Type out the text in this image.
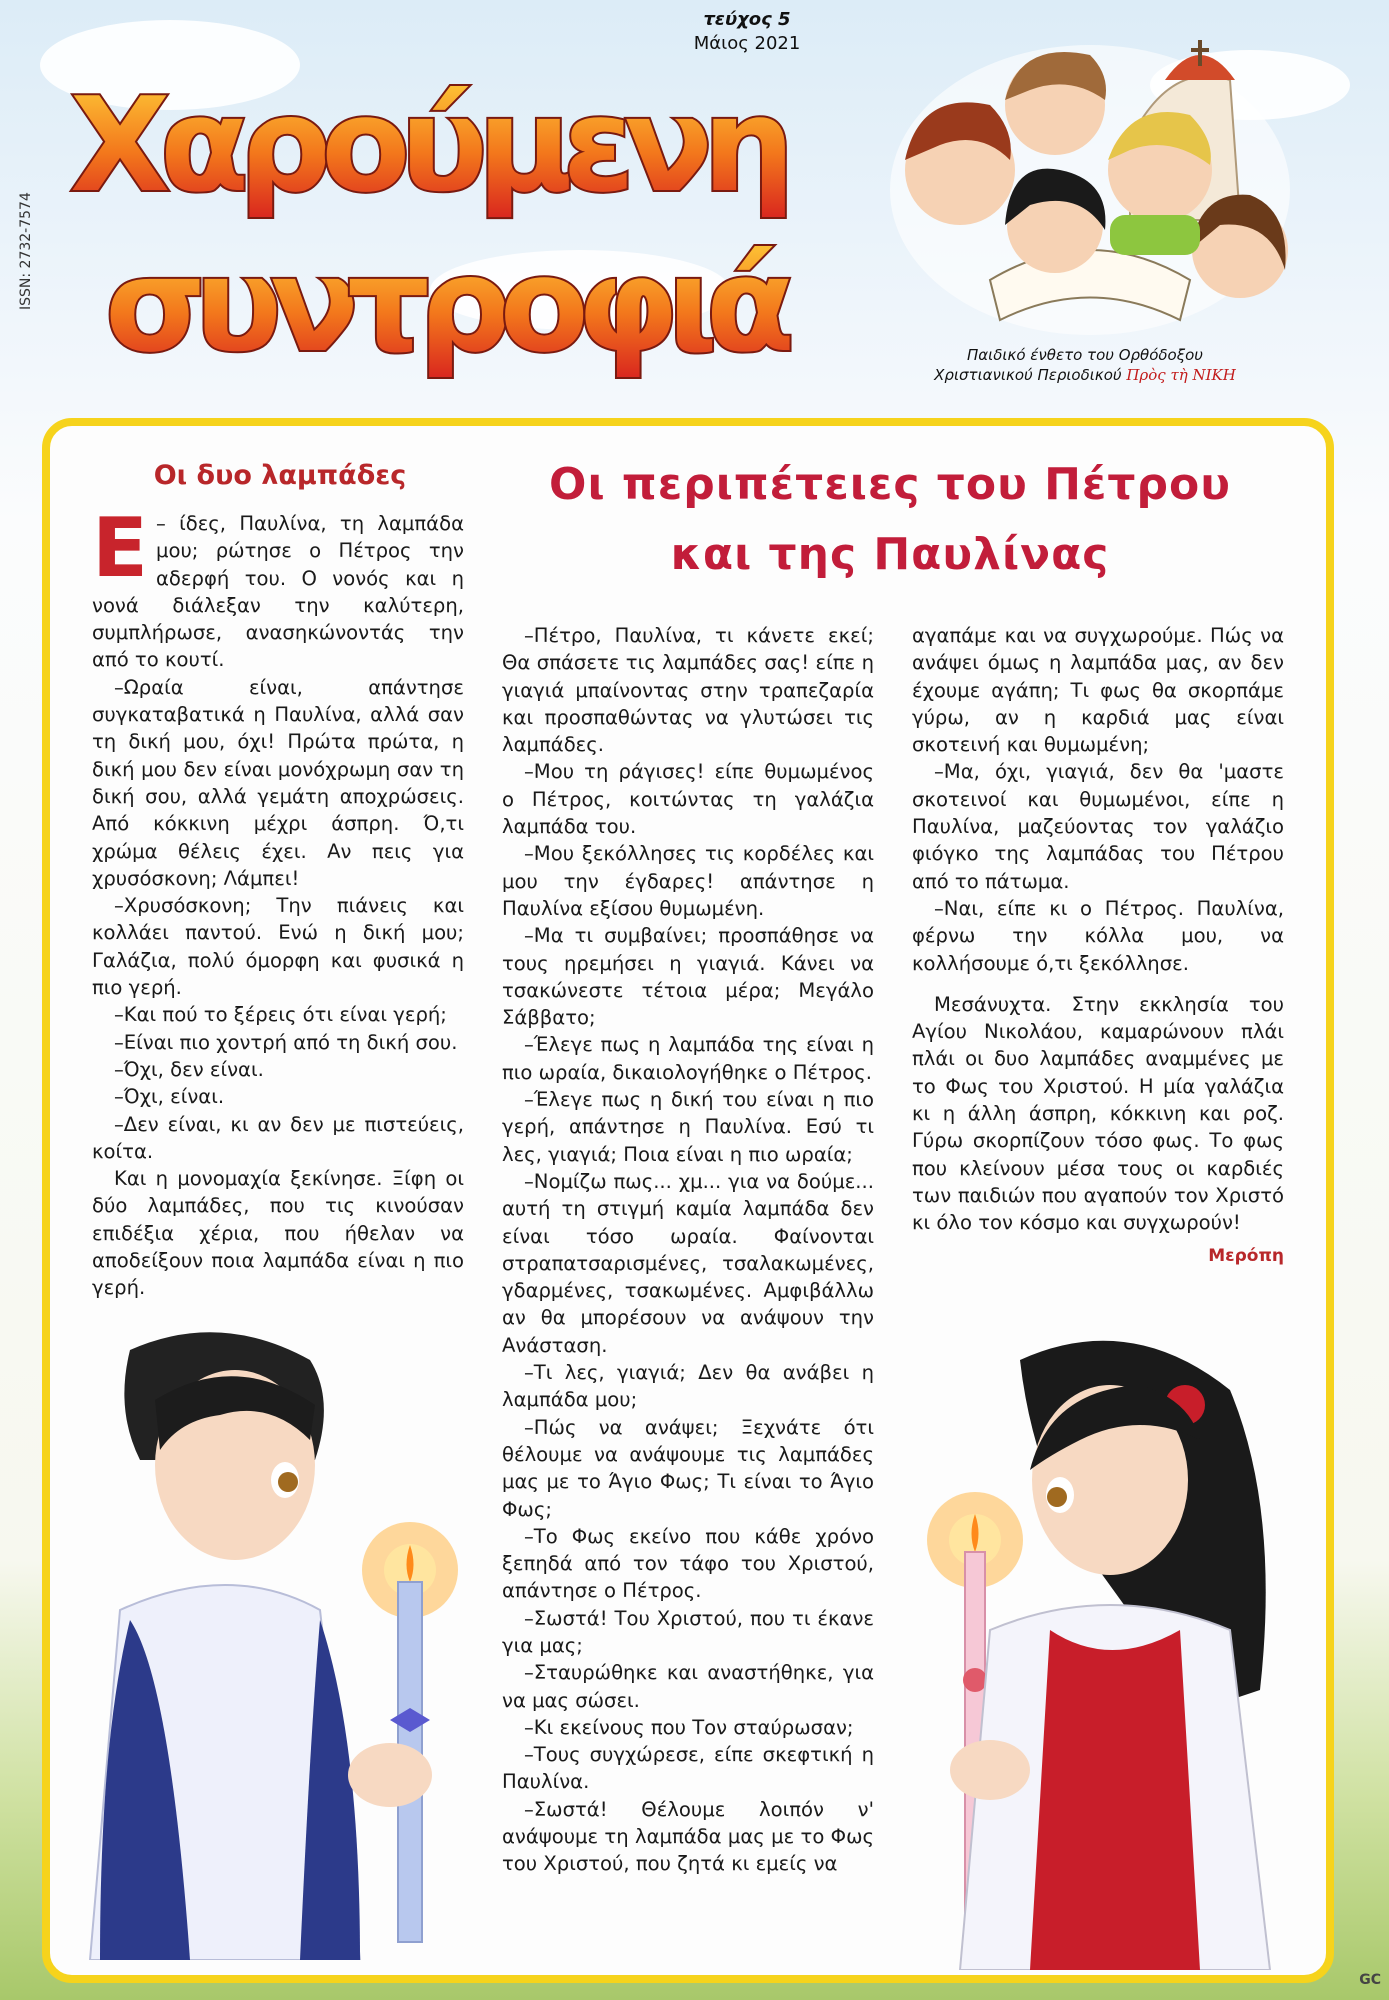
τεύχος 5
Μάιος 2021
ISSN: 2732-7574
Χαρούμενη
συντροφιά	Παιδικό ένθετο του Ορθόδοξου
Χριστιανικού Περιοδικού Πρὸς τὴ ΝΙΚΗ
Οι δυο λαμπάδες	Οι περιπέτειες του Πέτρου
και της Παυλίνας

Ε – ίδες, Παυλίνα, τη λαμπάδα μου; ρώτησε ο Πέτρος την αδερφή του. Ο νονός και η νονά διάλεξαν την καλύτερη, συμπλήρωσε, ανασηκώνοντάς την από το κουτί.

–Ωραία είναι, απάντησε συγκαταβατικά η Παυλίνα, αλλά σαν τη δική μου, όχι! Πρώτα πρώτα, η δική μου δεν είναι μονόχρωμη σαν τη δική σου, αλλά γεμάτη αποχρώσεις. Από κόκκινη μέχρι άσπρη. Ό,τι χρώμα θέλεις έχει. Αν πεις για χρυσόσκονη; Λάμπει!

–Χρυσόσκονη; Την πιάνεις και κολλάει παντού. Ενώ η δική μου; Γαλάζια, πολύ όμορφη και φυσικά η πιο γερή.

–Και πού το ξέρεις ότι είναι γερή;

–Είναι πιο χοντρή από τη δική σου.

–Όχι, δεν είναι.

–Όχι, είναι.

–Δεν είναι, κι αν δεν με πιστεύεις, κοίτα.

Και η μονομαχία ξεκίνησε. Ξίφη οι δύο λαμπάδες, που τις κινούσαν επιδέξια χέρια, που ήθελαν να αποδείξουν ποια λαμπάδα είναι η πιο γερή.

–Πέτρο, Παυλίνα, τι κάνετε εκεί; Θα σπάσετε τις λαμπάδες σας! είπε η γιαγιά μπαίνοντας στην τραπεζαρία και προσπαθώντας να γλυτώσει τις λαμπάδες.

–Μου τη ράγισες! είπε θυμωμένος ο Πέτρος, κοιτώντας τη γαλάζια λαμπάδα του.

–Μου ξεκόλλησες τις κορδέλες και μου την έγδαρες! απάντησε η Παυλίνα εξίσου θυμωμένη.

–Μα τι συμβαίνει; προσπάθησε να τους ηρεμήσει η γιαγιά. Κάνει να τσακώνεστε τέτοια μέρα; Μεγάλο Σάββατο;

–Έλεγε πως η λαμπάδα της είναι η πιο ωραία, δικαιολογήθηκε ο Πέτρος.

–Έλεγε πως η δική του είναι η πιο γερή, απάντησε η Παυλίνα. Εσύ τι λες, γιαγιά; Ποια είναι η πιο ωραία;

–Νομίζω πως... χμ... για να δούμε... αυτή τη στιγμή καμία λαμπάδα δεν είναι τόσο ωραία. Φαίνονται στραπατσαρισμένες, τσαλακωμένες, γδαρμένες, τσακωμένες. Αμφιβάλλω αν θα μπορέσουν να ανάψουν την Ανάσταση.

–Τι λες, γιαγιά; Δεν θα ανάβει η λαμπάδα μου;

–Πώς να ανάψει; Ξεχνάτε ότι θέλουμε να ανάψουμε τις λαμπάδες μας με το Άγιο Φως; Τι είναι το Άγιο Φως;

–Το Φως εκείνο που κάθε χρόνο ξεπηδά από τον τάφο του Χριστού, απάντησε ο Πέτρος.

–Σωστά! Του Χριστού, που τι έκανε για μας;

–Σταυρώθηκε και αναστήθηκε, για να μας σώσει.

–Κι εκείνους που Τον σταύρωσαν;

–Τους συγχώρεσε, είπε σκεφτική η Παυλίνα.

–Σωστά! Θέλουμε λοιπόν ν' ανάψουμε τη λαμπάδα μας με το Φως του Χριστού, που ζητά κι εμείς να

αγαπάμε και να συγχωρούμε. Πώς να ανάψει όμως η λαμπάδα μας, αν δεν έχουμε αγάπη; Τι φως θα σκορπάμε γύρω, αν η καρδιά μας είναι σκοτεινή και θυμωμένη;

–Μα, όχι, γιαγιά, δεν θα 'μαστε σκοτεινοί και θυμωμένοι, είπε η Παυλίνα, μαζεύοντας τον γαλάζιο φιόγκο της λαμπάδας του Πέτρου από το πάτωμα.

–Ναι, είπε κι ο Πέτρος. Παυλίνα, φέρνω την κόλλα μου, να κολλήσουμε ό,τι ξεκόλλησε.

Μεσάνυχτα. Στην εκκλησία του Αγίου Νικολάου, καμαρώνουν πλάι πλάι οι δυο λαμπάδες αναμμένες με το Φως του Χριστού. Η μία γαλάζια κι η άλλη άσπρη, κόκκινη και ροζ. Γύρω σκορπίζουν τόσο φως. Το φως που κλείνουν μέσα τους οι καρδιές των παιδιών που αγαπούν τον Χριστό κι όλο τον κόσμο και συγχωρούν!

Μερόπη
GC
